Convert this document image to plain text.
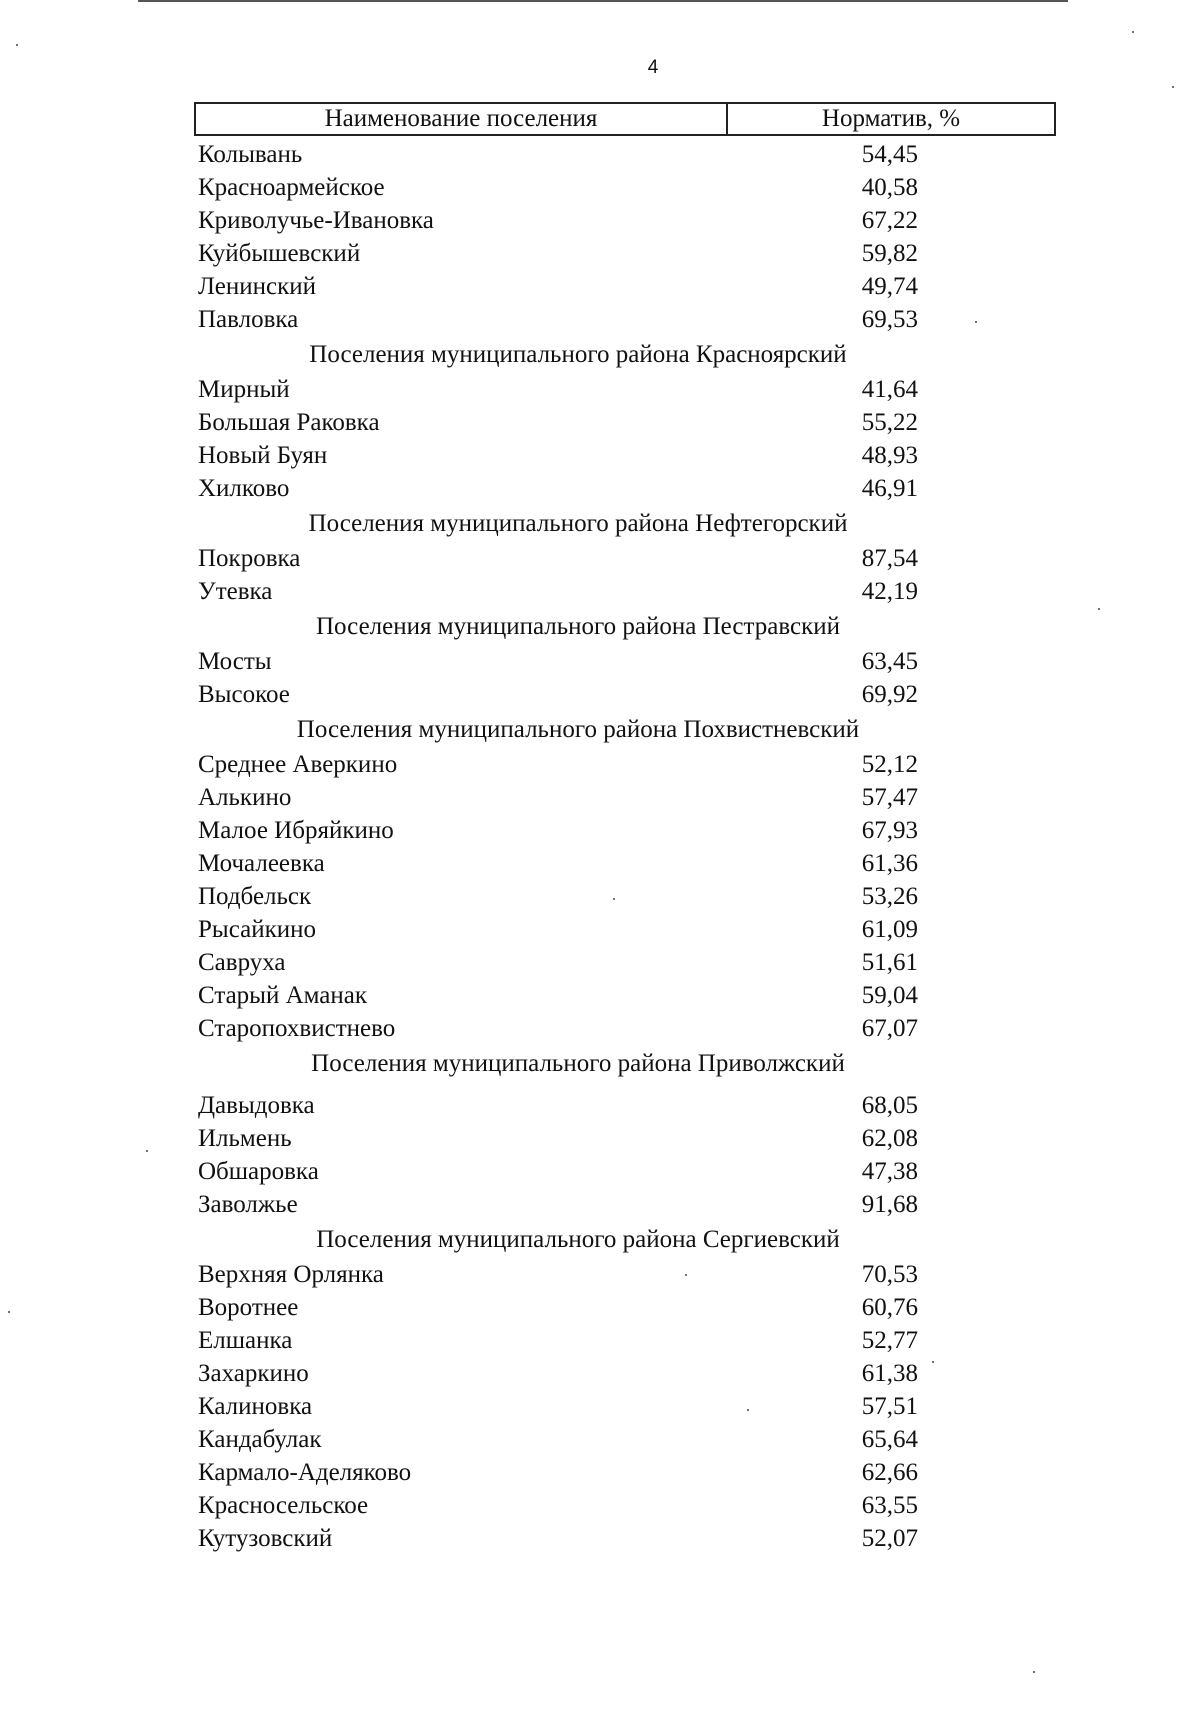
4
Наименование поселения	Норматив, %
Колывань	54,45
Красноармейское	40,58
Криволучье-Ивановка	67,22
Куйбышевский	59,82
Ленинский	49,74
Павловка	69,53
Поселения муниципального района Красноярский
Мирный	41,64
Большая Раковка	55,22
Новый Буян	48,93
Хилково	46,91
Поселения муниципального района Нефтегорский
Покровка	87,54
Утевка	42,19
Поселения муниципального района Пестравский
Мосты	63,45
Высокое	69,92
Поселения муниципального района Похвистневский
Среднее Аверкино	52,12
Алькино	57,47
Малое Ибряйкино	67,93
Мочалеевка	61,36
Подбельск	53,26
Рысайкино	61,09
Савруха	51,61
Старый Аманак	59,04
Старопохвистнево	67,07
Поселения муниципального района Приволжский
Давыдовка	68,05
Ильмень	62,08
Обшаровка	47,38
Заволжье	91,68
Поселения муниципального района Сергиевский
Верхняя Орлянка	70,53
Воротнее	60,76
Елшанка	52,77
Захаркино	61,38
Калиновка	57,51
Кандабулак	65,64
Кармало-Аделяково	62,66
Красносельское	63,55
Кутузовский	52,07
